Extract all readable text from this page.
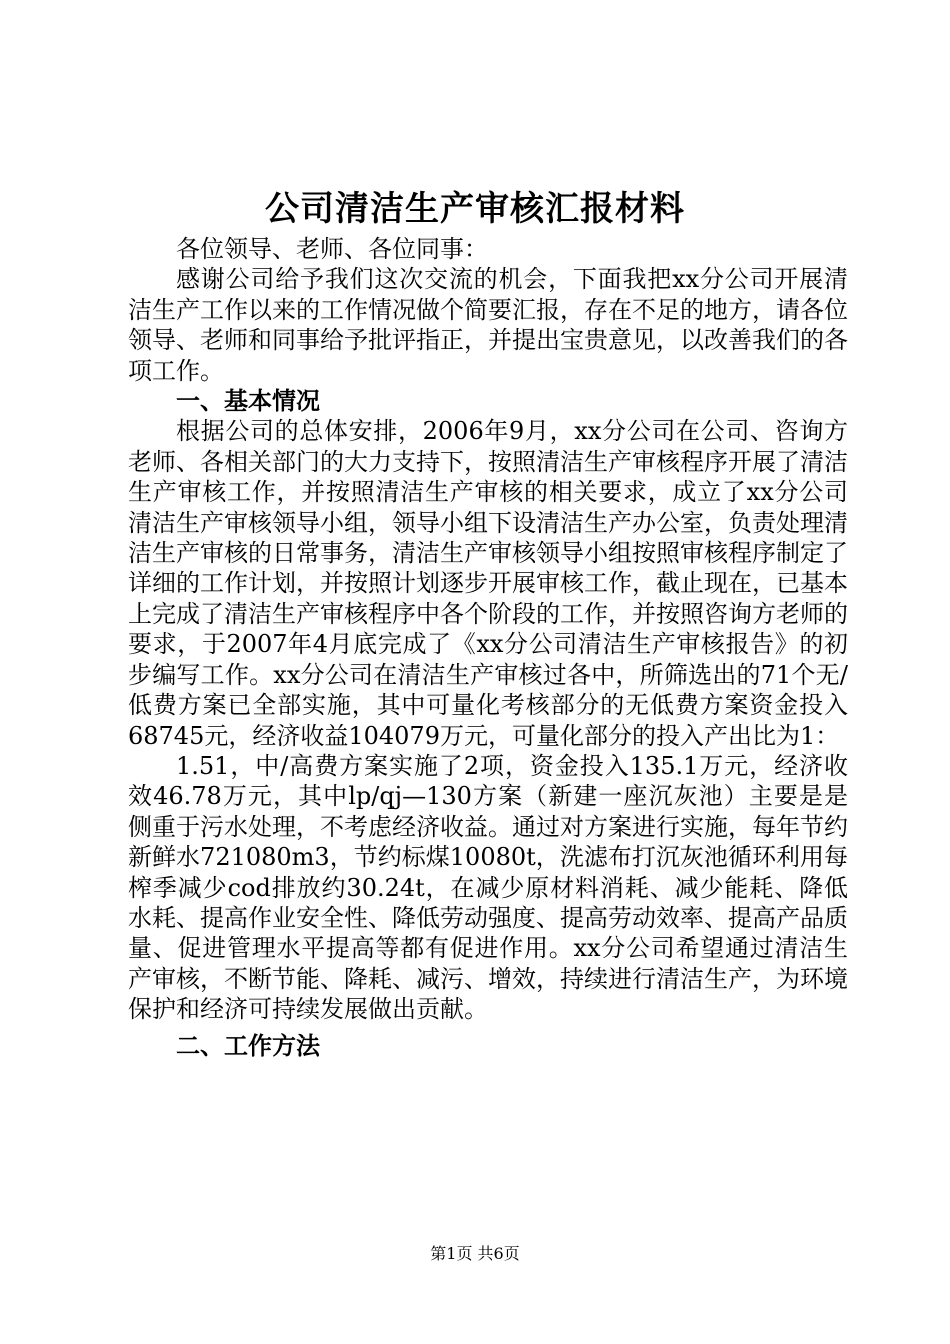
公司清洁生产审核汇报材料

各位领导、老师、各位同事：

感谢公司给予我们这次交流的机会，下面我把xx分公司开展清洁生产工作以来的工作情况做个简要汇报，存在不足的地方，请各位领导、老师和同事给予批评指正，并提出宝贵意见，以改善我们的各项工作。

一、基本情况

根据公司的总体安排，2006年9月，xx分公司在公司、咨询方老师、各相关部门的大力支持下，按照清洁生产审核程序开展了清洁生产审核工作，并按照清洁生产审核的相关要求，成立了xx分公司清洁生产审核领导小组，领导小组下设清洁生产办公室，负责处理清洁生产审核的日常事务，清洁生产审核领导小组按照审核程序制定了详细的工作计划，并按照计划逐步开展审核工作，截止现在，已基本上完成了清洁生产审核程序中各个阶段的工作，并按照咨询方老师的要求，于2007年4月底完成了《xx分公司清洁生产审核报告》的初步编写工作。xx分公司在清洁生产审核过各中，所筛选出的71个无/低费方案已全部实施，其中可量化考核部分的无低费方案资金投入68745元，经济收益104079万元，可量化部分的投入产出比为1：

1.51，中/高费方案实施了2项，资金投入135.1万元，经济收效46.78万元，其中lp/qj—130方案（新建一座沉灰池）主要是是侧重于污水处理，不考虑经济收益。通过对方案进行实施，每年节约新鲜水721080m3，节约标煤10080t，洗滤布打沉灰池循环利用每榨季减少cod排放约30.24t，在减少原材料消耗、减少能耗、降低水耗、提高作业安全性、降低劳动强度、提高劳动效率、提高产品质量、促进管理水平提高等都有促进作用。xx分公司希望通过清洁生产审核，不断节能、降耗、减污、增效，持续进行清洁生产，为环境保护和经济可持续发展做出贡献。

二、工作方法

第1页 共6页
